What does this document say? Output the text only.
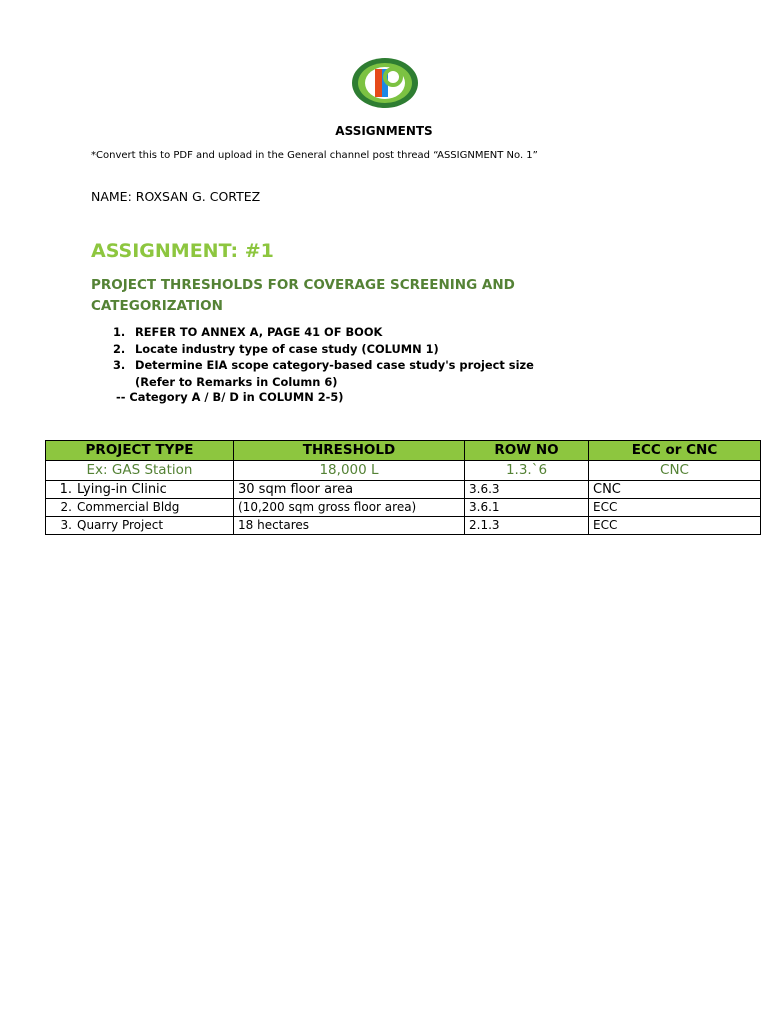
ASSIGNMENTS
*Convert this to PDF and upload in the General channel post thread “ASSIGNMENT No. 1”
NAME: ROXSAN G. CORTEZ
ASSIGNMENT: #1
PROJECT THRESHOLDS FOR COVERAGE SCREENING AND CATEGORIZATION
1. REFER TO ANNEX A, PAGE 41 OF BOOK
2. Locate industry type of case study (COLUMN 1)
3. Determine EIA scope category-based case study's project size
(Refer to Remarks in Column 6)
-- Category A / B/ D in COLUMN 2-5)
PROJECT TYPE	THRESHOLD	ROW NO	ECC or CNC
Ex: GAS Station	18,000 L	1.3.`6	CNC
1. Lying-in Clinic	30 sqm floor area	3.6.3	CNC
2. Commercial Bldg	(10,200 sqm gross floor area)	3.6.1	ECC
3. Quarry Project	18 hectares	2.1.3	ECC
